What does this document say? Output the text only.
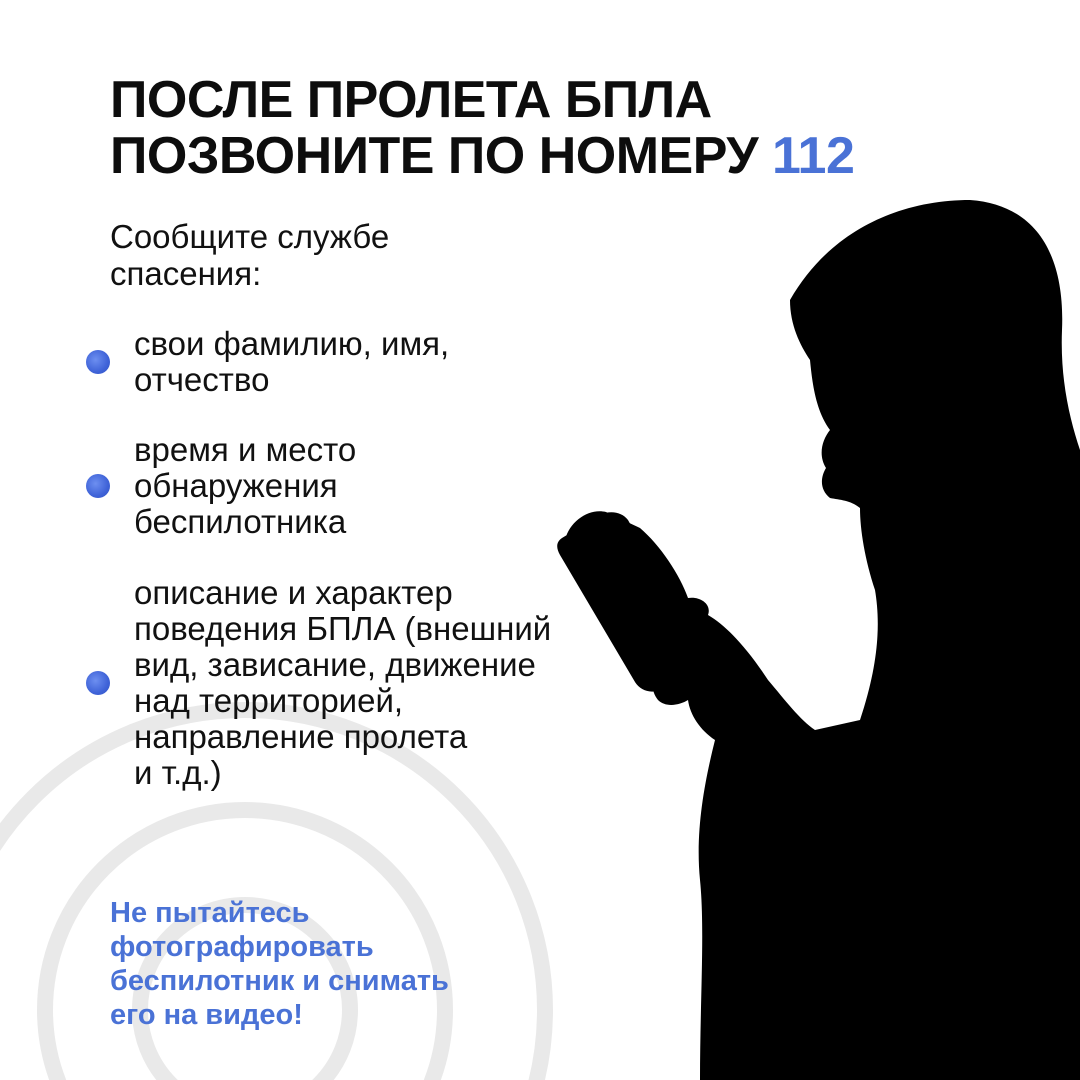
ПОСЛЕ ПРОЛЕТА БПЛА
ПОЗВОНИТЕ ПО НОМЕРУ 112

Сообщите службе
спасения:

свои фамилию, имя,
отчество
время и место
обнаружения
беспилотника
описание и характер
поведения БПЛА (внешний
вид, зависание, движение
над территорией,
направление пролета
и т.д.)

Не пытайтесь
фотографировать
беспилотник и снимать
его на видео!
